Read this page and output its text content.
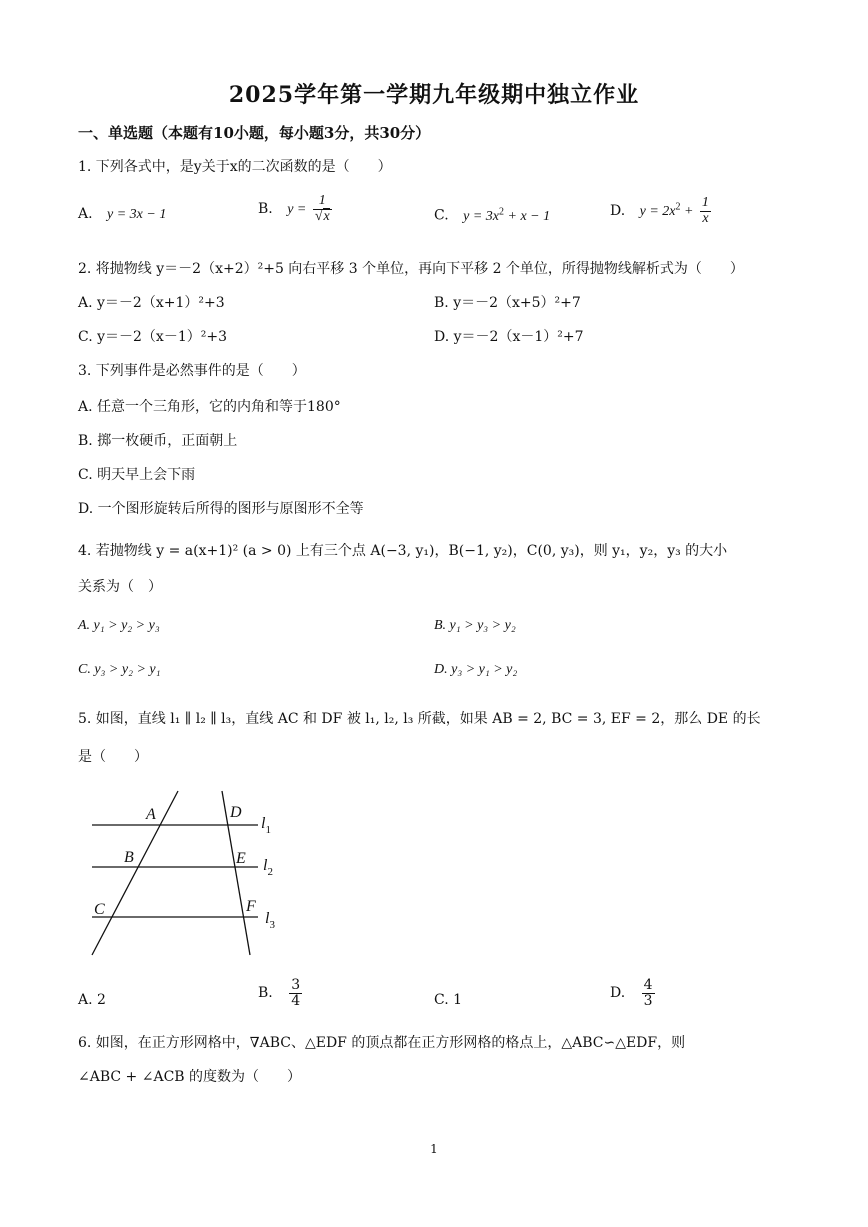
2025学年第一学期九年级期中独立作业
一、单选题（本题有10小题，每小题3分，共30分）
1. 下列各式中，是y关于x的二次函数的是（　　）
A. y = 3x − 1	B. $y = \frac{1}{√x}$	C. $y = 3x^2 + x - 1$	D. $y = 2x^2 + \frac{1}{x}$
2. 将抛物线 y＝－2（x+2）²+5 向右平移 3 个单位，再向下平移 2 个单位，所得抛物线解析式为（　　）
A. y＝－2（x+1）²+3	B. y＝－2（x+5）²+7
C. y＝－2（x－1）²+3	D. y＝－2（x－1）²+7
3. 下列事件是必然事件的是（　　）
A. 任意一个三角形，它的内角和等于180°
B. 掷一枚硬币，正面朝上
C. 明天早上会下雨
D. 一个图形旋转后所得的图形与原图形不全等
4. 若抛物线 y = a(x+1)² (a > 0) 上有三个点 A(−3, y₁)，B(−1, y₂)，C(0, y₃)，则 y₁，y₂，y₃ 的大小
关系为（　）
A. y₁ > y₂ > y₃	B. y₁ > y₃ > y₂
C. y₃ > y₂ > y₁	D. y₃ > y₁ > y₂
5. 如图，直线 l₁ ∥ l₂ ∥ l₃，直线 AC 和 DF 被 l₁, l₂, l₃ 所截，如果 AB = 2, BC = 3, EF = 2，那么 DE 的长
是（　　）
A	D
B	E
C	F
$l_1$
$l_2$
$l_3$
A. 2	B. $\frac{3}{4}$	C. 1	D. $\frac{4}{3}$
6. 如图，在正方形网格中，∇ABC、△EDF 的顶点都在正方形网格的格点上，△ABC∽△EDF，则
∠ABC + ∠ACB 的度数为（　　）
1
